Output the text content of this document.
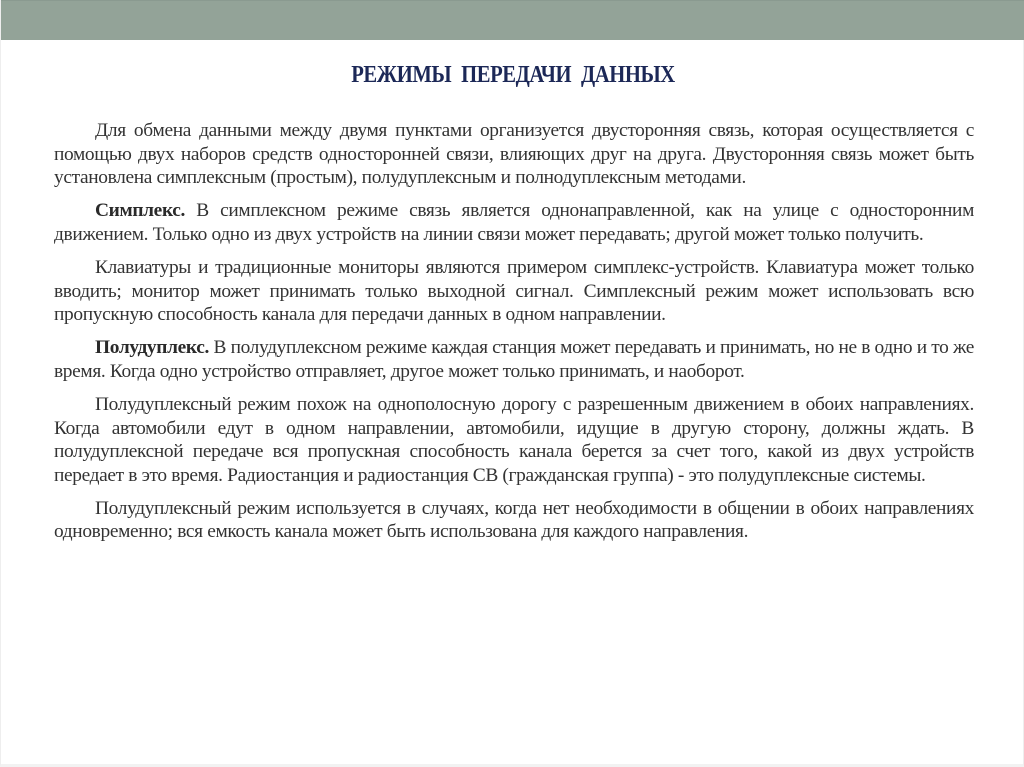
РЕЖИМЫ ПЕРЕДАЧИ ДАННЫХ

Для обмена данными между двумя пунктами организуется двусторонняя связь, которая осуществляется с помощью двух наборов средств односторонней связи, влияющих друг на друга. Двусторонняя связь может быть установлена симплексным (простым), полудуплексным и полнодуплексным методами.

Симплекс. В симплексном режиме связь является однонаправленной, как на улице с односторонним движением. Только одно из двух устройств на линии связи может передавать; другой может только получить.

Клавиатуры и традиционные мониторы являются примером симплекс-устройств. Клавиатура может только вводить; монитор может принимать только выходной сигнал. Симплексный режим может использовать всю пропускную способность канала для передачи данных в одном направлении.

Полудуплекс. В полудуплексном режиме каждая станция может передавать и принимать, но не в одно и то же время. Когда одно устройство отправляет, другое может только принимать, и наоборот.

Полудуплексный режим похож на однополосную дорогу с разрешенным движением в обоих направлениях. Когда автомобили едут в одном направлении, автомобили, идущие в другую сторону, должны ждать. В полудуплексной передаче вся пропускная способность канала берется за счет того, какой из двух устройств передает в это время. Радиостанция и радиостанция СВ (гражданская группа) - это полудуплексные системы.

Полудуплексный режим используется в случаях, когда нет необходимости в общении в обоих направлениях одновременно; вся емкость канала может быть использована для каждого направления.
